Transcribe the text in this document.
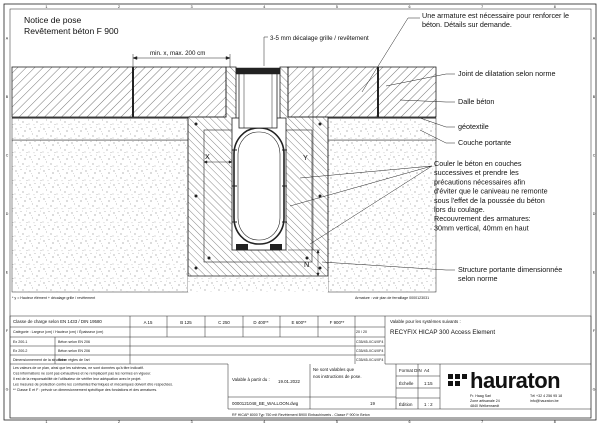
1
1
2
2
3
3
4
4
5
5
6
6
7
7
8
8
A	A
B	B
C	C
D	D
E	E
F	F
G	G
Notice de pose
Revêtement béton F 900
min. x, max. 200 cm
3-5 mm décalage grille / revêtement
Y
X
N
Une armature est nécessaire pour renforcer le
béton. Détails sur demande.
Joint de dilatation selon norme
Dalle béton
géotextile
Couche portante
Couler le béton en couches
successives et prendre les
précautions nécessaires afin
d'éviter que le caniveau ne remonte
sous l'effet de la poussée du béton
lors du coulage.
Recouvrement des armatures:
30mm vertical, 40mm en haut
Structure portante dimensionnée
selon norme
* y = Hauteur élément + décalage grille / revêtement	Armature : voir plan de ferraillage 0000123031
Classe de charge selon EN 1433 / DIN 19580	A 15	B 125	C 250	D 400**	E 600**	F 900**
Catégorie : Largeur (cm) / Hauteur (cm) / Épaisseur (cm)	20 / 20
Ex 200-1	Béton selon EN 206	C35/45-XC4/XF4
Ex 200-2	Béton selon EN 206	C35/45-XC4/XF4
Dimensionnement de la structure
Selon règles de l'art	C35/45-XC4/XF4
Valable pour les systèmes suivants :
RECYFIX HICAP 300 Access Element
Les valeurs de ce plan, ainsi que les schémas, ne sont données qu'à titre indicatif.
Ces informations ne sont pas exhaustives et ne remplacent pas les normes en vigueur.
Il est de la responsabilité de l'utilisateur de vérifier leur adéquation avec le projet.
Les mesures de protection contre les contraintes thermiques et mécaniques doivent être respectées.
** Classe E et F : prévoir un dimensionnement spécifique des fondations et des armatures.
Valable à partir du : 19.01.2022
Ne sont valables que
nos instructions de pose.
0000121048_BE_WALLOON.dwg	19
Format DIN A4
Échelle 1:15
Édition	1 : 2
RF HICAP 8000 Typ 750 mit Revêtement B900 Einbauhinweis - Classe F 900 in Beton
hauraton
Fr. Haag Sarl
Zone artisanale 24
4840 Welkenraedt
Tél +32 4 256 95 18
info@hauraton.be
